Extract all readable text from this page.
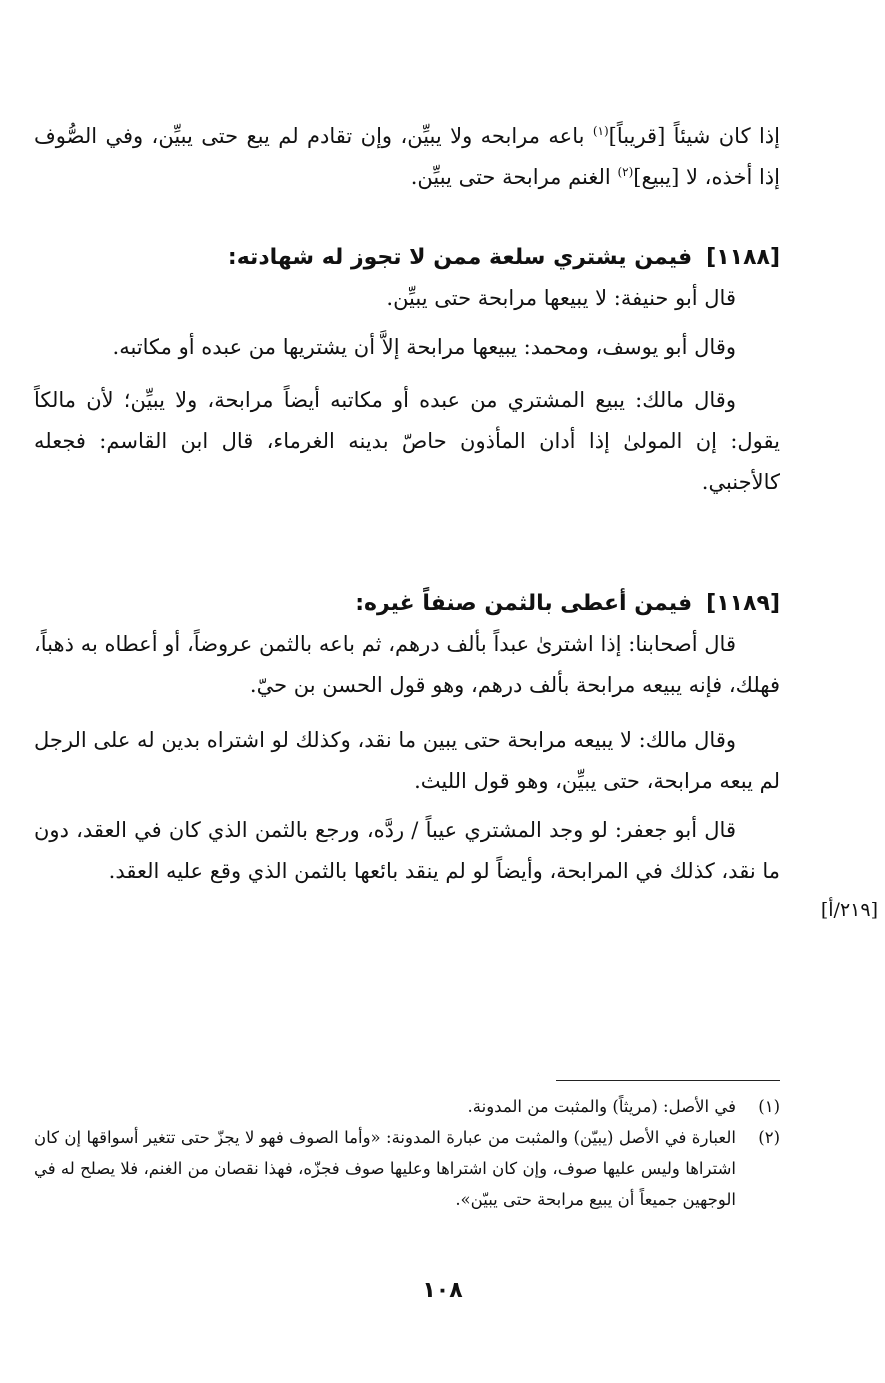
إذا كان شيئاً [قريباً]$^{(١)}$ باعه مرابحه ولا يبيِّن، وإن تقادم لم يبع حتى يبيِّن، وفي الصُّوف إذا أخذه، لا [يبيع]$^{(٢)}$ الغنم مرابحة حتى يبيِّن.

[١١٨٨]فيمن يشتري سلعة ممن لا تجوز له شهادته:

قال أبو حنيفة: لا يبيعها مرابحة حتى يبيِّن.

وقال أبو يوسف، ومحمد: يبيعها مرابحة إلاَّ أن يشتريها من عبده أو مكاتبه.

وقال مالك: يبيع المشتري من عبده أو مكاتبه أيضاً مرابحة، ولا يبيِّن؛ لأن مالكاً يقول: إن المولىٰ إذا أدان المأذون حاصّ بدينه الغرماء، قال ابن القاسم: فجعله كالأجنبي.

[١١٨٩]فيمن أعطى بالثمن صنفاً غيره:

قال أصحابنا: إذا اشترىٰ عبداً بألف درهم، ثم باعه بالثمن عروضاً، أو أعطاه به ذهباً، فهلك، فإنه يبيعه مرابحة بألف درهم، وهو قول الحسن بن حيّ.

وقال مالك: لا يبيعه مرابحة حتى يبين ما نقد، وكذلك لو اشتراه بدين له على الرجل لم يبعه مرابحة، حتى يبيِّن، وهو قول الليث.

قال أبو جعفر: لو وجد المشتري عيباً / ردَّه، ورجع بالثمن الذي كان في العقد، دون ما نقد، كذلك في المرابحة، وأيضاً لو لم ينقد بائعها بالثمن الذي وقع عليه العقد.

[٢١٩/أ]

(١)
في الأصل: (مريثاً) والمثبت من المدونة.

(٢)
العبارة في الأصل (يبيّن) والمثبت من عبارة المدونة: «وأما الصوف فهو لا يجزّ حتى تتغير أسواقها إن كان اشتراها وليس عليها صوف، وإن كان اشتراها وعليها صوف فجزّه، فهذا نقصان من الغنم، فلا يصلح له في الوجهين جميعاً أن يبيع مرابحة حتى يبيّن».

١٠٨
